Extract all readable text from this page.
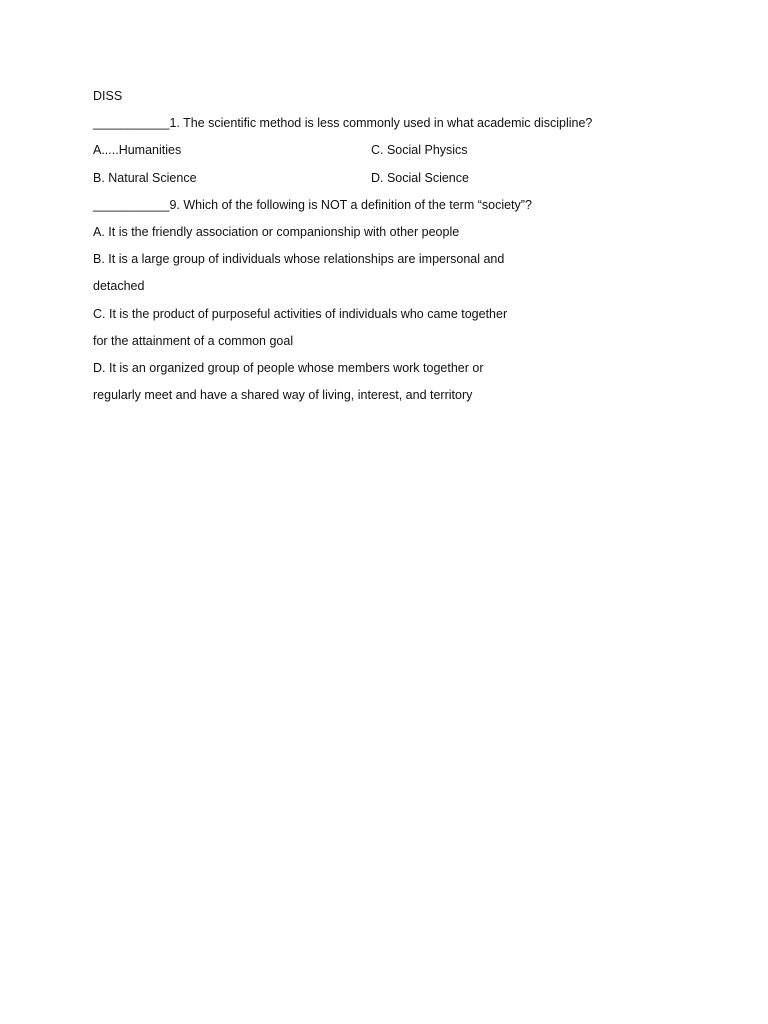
DISS
___________1. The scientific method is less commonly used in what academic discipline?
A.....Humanities	C. Social Physics
B. Natural Science	D. Social Science
___________9. Which of the following is NOT a definition of the term “society”?
A. It is the friendly association or companionship with other people
B. It is a large group of individuals whose relationships are impersonal and
detached
C. It is the product of purposeful activities of individuals who came together
for the attainment of a common goal
D. It is an organized group of people whose members work together or
regularly meet and have a shared way of living, interest, and territory
